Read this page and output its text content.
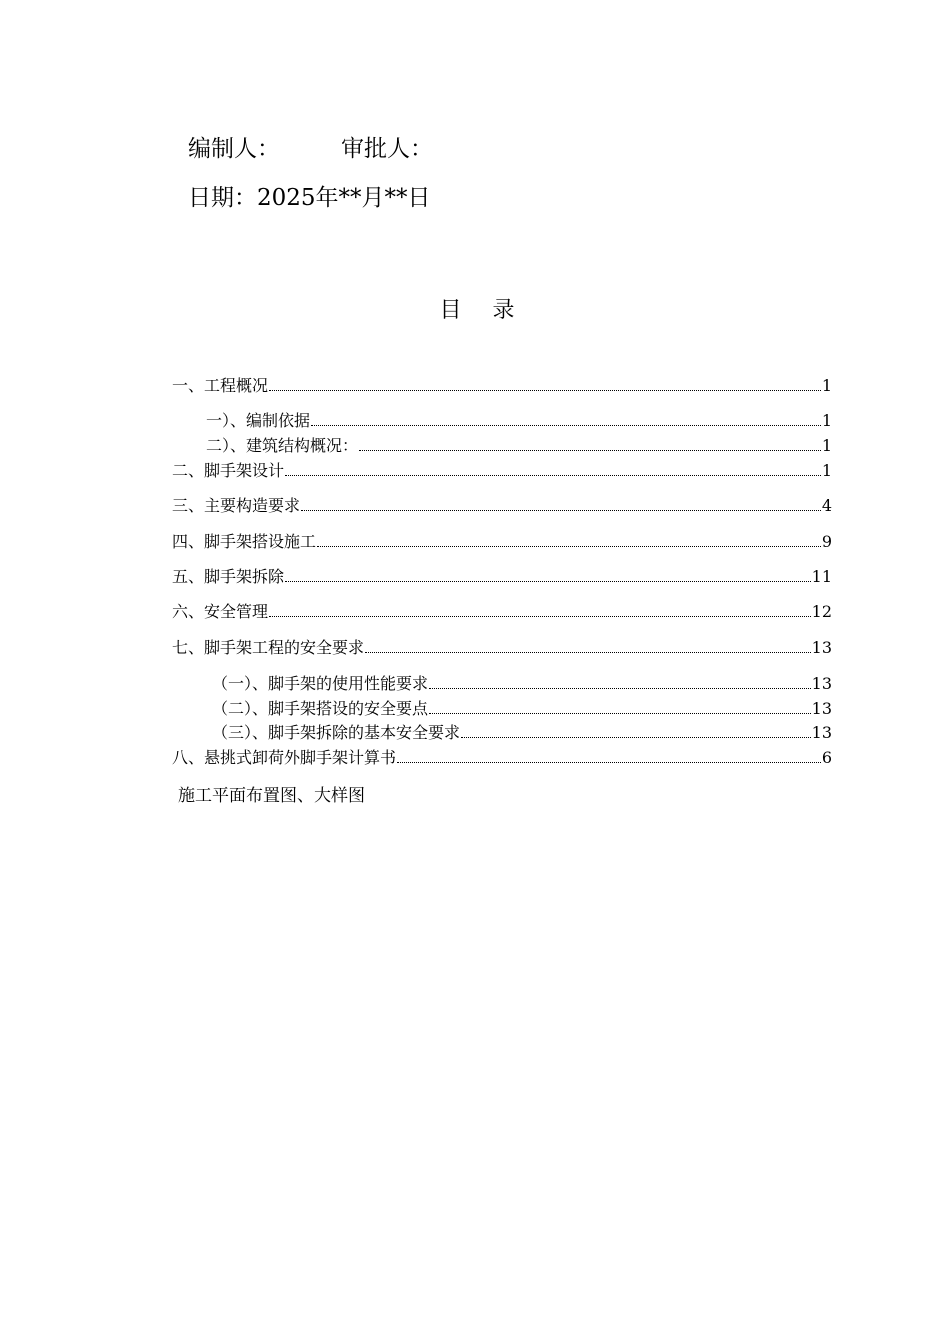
编制人：	审批人：
日期：2025年**月**日
目 录
一、工程概况	1
一）、编制依据	1
二）、建筑结构概况：	1
二、脚手架设计	1
三、主要构造要求	4
四、脚手架搭设施工	9
五、脚手架拆除	11
六、安全管理	12
七、脚手架工程的安全要求	13
（一）、脚手架的使用性能要求	13
（二）、脚手架搭设的安全要点	13
（三）、脚手架拆除的基本安全要求	13
八、悬挑式卸荷外脚手架计算书	6
施工平面布置图、大样图
